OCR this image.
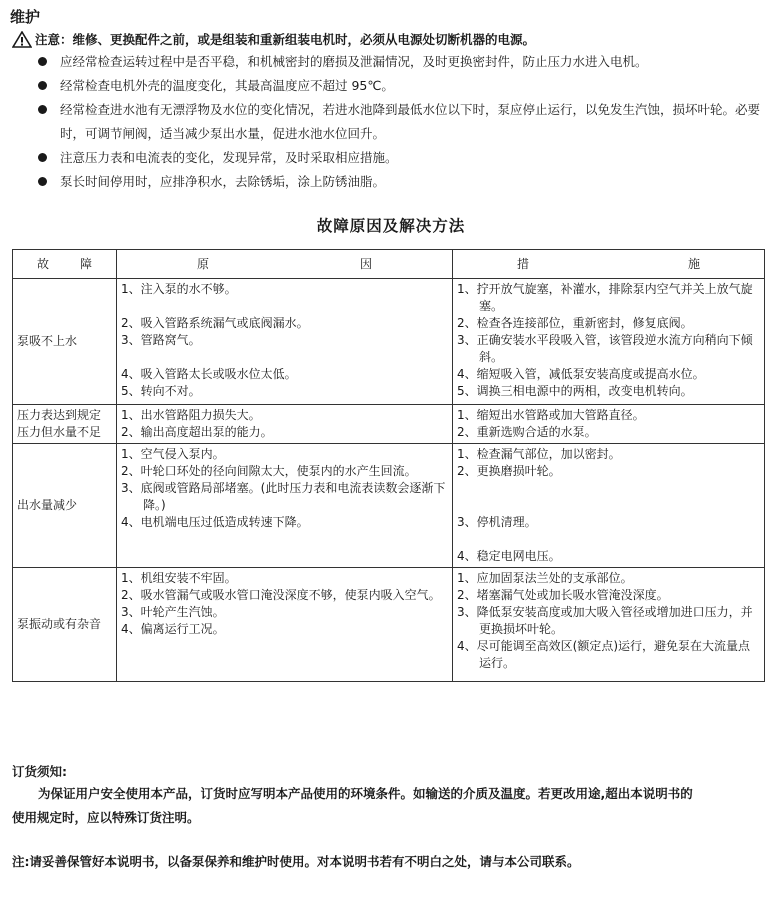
维护
注意：维修、更换配件之前，或是组装和重新组装电机时，必须从电源处切断机器的电源。
应经常检查运转过程中是否平稳，和机械密封的磨损及泄漏情况，及时更换密封件，防止压力水进入电机。
经常检查电机外壳的温度变化，其最高温度应不超过 95℃。
经常检查进水池有无漂浮物及水位的变化情况，若进水池降到最低水位以下时，泵应停止运行，以免发生汽蚀，损坏叶轮。必要时，可调节闸阀，适当减少泵出水量，促进水池水位回升。
注意压力表和电流表的变化，发现异常，及时采取相应措施。
泵长时间停用时，应排净积水，去除锈垢，涂上防锈油脂。
故障原因及解决方法
故障	原因	措施
泵吸不上水	1、注入泵的水不够。
2、吸入管路系统漏气或底阀漏水。
3、管路窝气。
4、吸入管路太长或吸水位太低。
5、转向不对。	1、拧开放气旋塞，补灌水，排除泵内空气并关上放气旋塞。
2、检查各连接部位，重新密封，修复底阀。
3、正确安装水平段吸入管，该管段逆水流方向稍向下倾斜。
4、缩短吸入管，减低泵安装高度或提高水位。
5、调换三相电源中的两相，改变电机转向。

压力表达到规定压力但水量不足	1、出水管路阻力损失大。
2、输出高度超出泵的能力。	1、缩短出水管路或加大管路直径。
2、重新选购合适的水泵。

出水量减少	1、空气侵入泵内。
2、叶轮口环处的径向间隙太大，使泵内的水产生回流。
3、底阀或管路局部堵塞。(此时压力表和电流表读数会逐渐下降。)
4、电机端电压过低造成转速下降。	1、检查漏气部位，加以密封。
2、更换磨损叶轮。
3、停机清理。
4、稳定电网电压。

泵振动或有杂音	1、机组安装不牢固。
2、吸水管漏气或吸水管口淹没深度不够，使泵内吸入空气。
3、叶轮产生汽蚀。
4、偏离运行工况。	1、应加固泵法兰处的支承部位。
2、堵塞漏气处或加长吸水管淹没深度。
3、降低泵安装高度或加大吸入管径或增加进口压力，并更换损坏叶轮。
4、尽可能调至高效区(额定点)运行，避免泵在大流量点运行。
订货须知:
为保证用户安全使用本产品，订货时应写明本产品使用的环境条件。如输送的介质及温度。若更改用途,超出本说明书的
使用规定时，应以特殊订货注明。
注:请妥善保管好本说明书，以备泵保养和维护时使用。对本说明书若有不明白之处，请与本公司联系。
